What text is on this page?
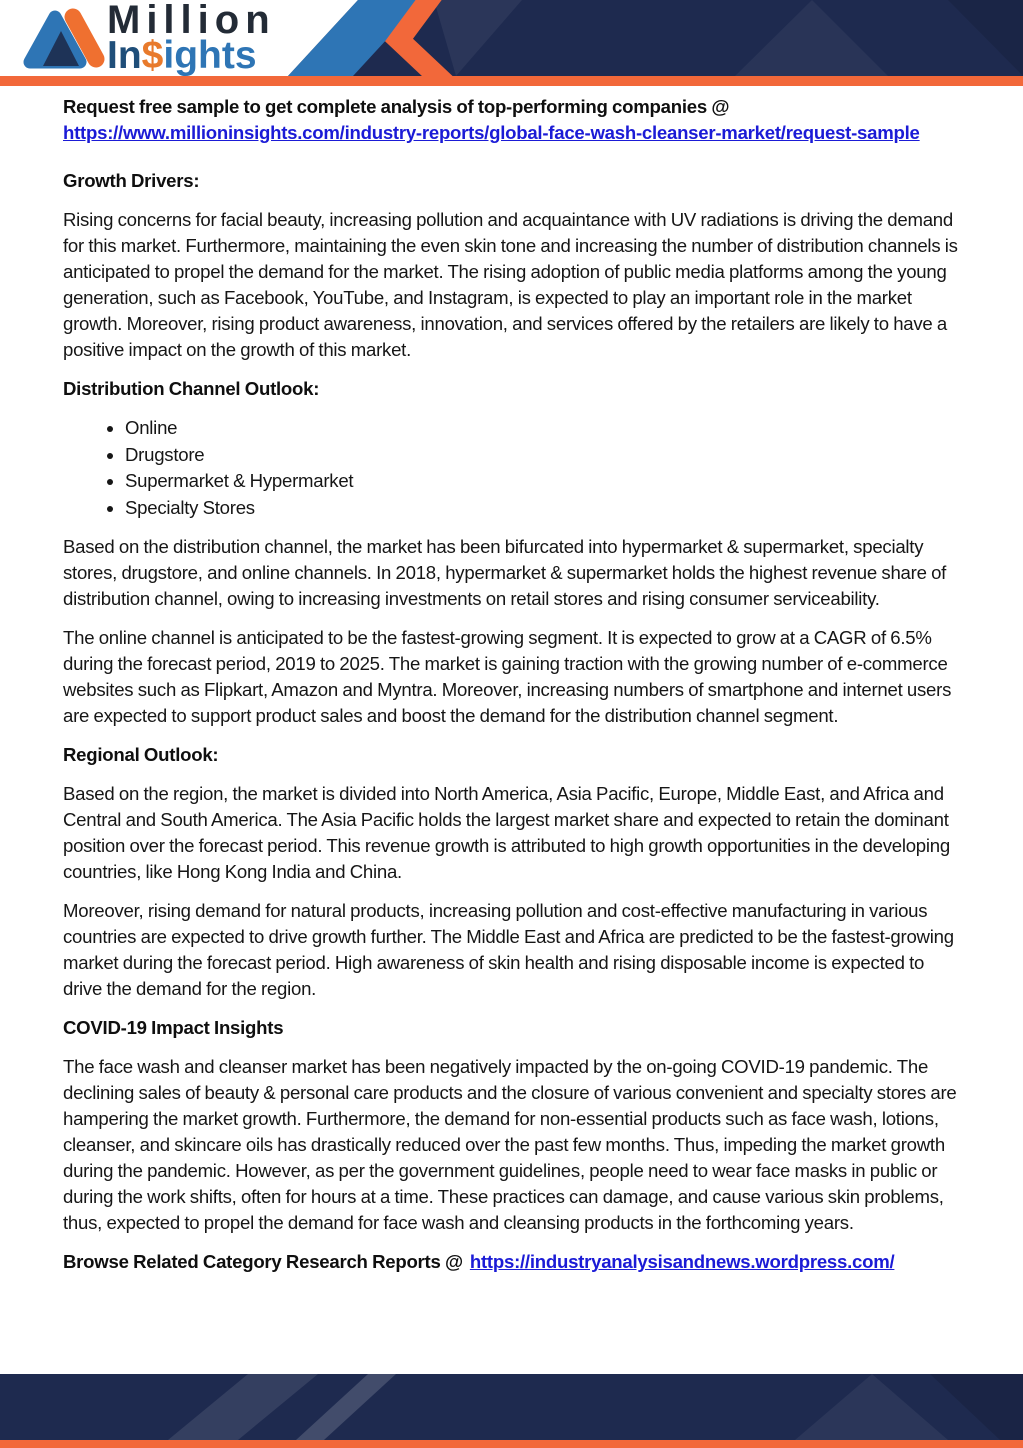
Million
In$ights

Request free sample to get complete analysis of top-performing companies @
https://www.millioninsights.com/industry-reports/global-face-wash-cleanser-market/request-sample

Growth Drivers:

Rising concerns for facial beauty, increasing pollution and acquaintance with UV radiations is driving the demand for this market. Furthermore, maintaining the even skin tone and increasing the number of distribution channels is anticipated to propel the demand for the market. The rising adoption of public media platforms among the young generation, such as Facebook, YouTube, and Instagram, is expected to play an important role in the market growth. Moreover, rising product awareness, innovation, and services offered by the retailers are likely to have a positive impact on the growth of this market.

Distribution Channel Outlook:

• Online
• Drugstore
• Supermarket & Hypermarket
• Specialty Stores

Based on the distribution channel, the market has been bifurcated into hypermarket & supermarket, specialty stores, drugstore, and online channels. In 2018, hypermarket & supermarket holds the highest revenue share of distribution channel, owing to increasing investments on retail stores and rising consumer serviceability.

The online channel is anticipated to be the fastest-growing segment. It is expected to grow at a CAGR of 6.5% during the forecast period, 2019 to 2025. The market is gaining traction with the growing number of e-commerce websites such as Flipkart, Amazon and Myntra. Moreover, increasing numbers of smartphone and internet users are expected to support product sales and boost the demand for the distribution channel segment.

Regional Outlook:

Based on the region, the market is divided into North America, Asia Pacific, Europe, Middle East, and Africa and Central and South America. The Asia Pacific holds the largest market share and expected to retain the dominant position over the forecast period. This revenue growth is attributed to high growth opportunities in the developing countries, like Hong Kong India and China.

Moreover, rising demand for natural products, increasing pollution and cost-effective manufacturing in various countries are expected to drive growth further. The Middle East and Africa are predicted to be the fastest-growing market during the forecast period. High awareness of skin health and rising disposable income is expected to drive the demand for the region.

COVID-19 Impact Insights

The face wash and cleanser market has been negatively impacted by the on-going COVID-19 pandemic. The declining sales of beauty & personal care products and the closure of various convenient and specialty stores are hampering the market growth. Furthermore, the demand for non-essential products such as face wash, lotions, cleanser, and skincare oils has drastically reduced over the past few months. Thus, impeding the market growth during the pandemic. However, as per the government guidelines, people need to wear face masks in public or during the work shifts, often for hours at a time. These practices can damage, and cause various skin problems, thus, expected to propel the demand for face wash and cleansing products in the forthcoming years.

Browse Related Category Research Reports @ https://industryanalysisandnews.wordpress.com/
